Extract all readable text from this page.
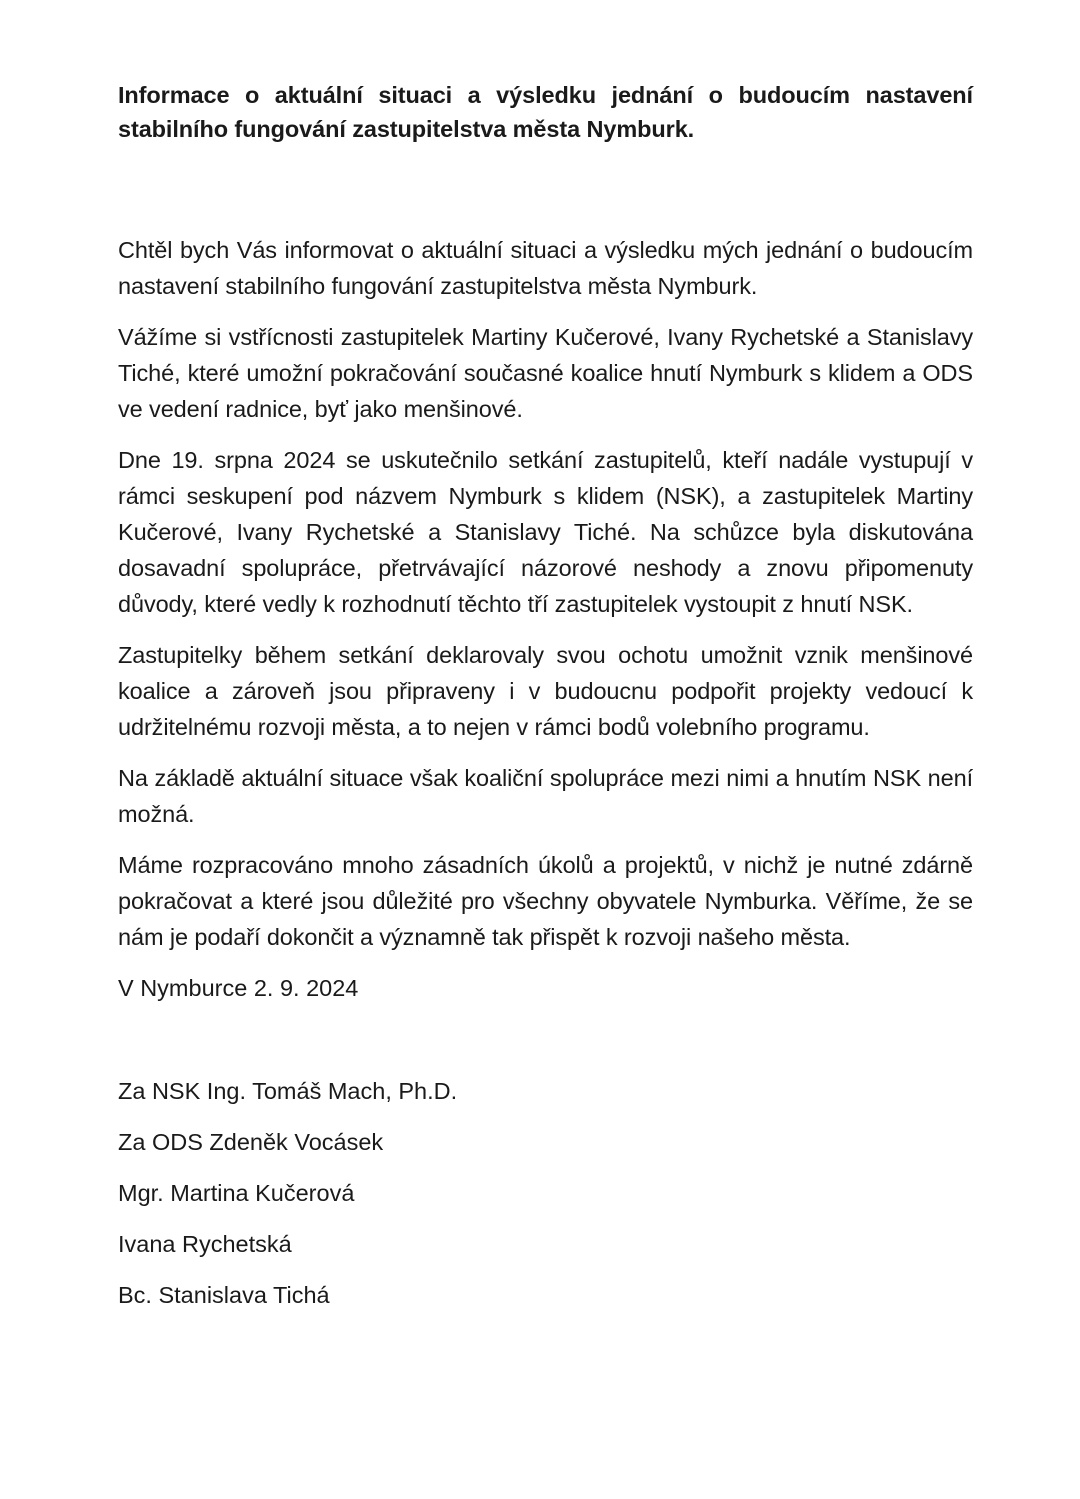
Informace o aktuální situaci a výsledku jednání o budoucím nastavení stabilního fungování zastupitelstva města Nymburk.

Chtěl bych Vás informovat o aktuální situaci a výsledku mých jednání o budoucím nastavení stabilního fungování zastupitelstva města Nymburk.

Vážíme si vstřícnosti zastupitelek Martiny Kučerové, Ivany Rychetské a Stanislavy Tiché, které umožní pokračování současné koalice hnutí Nymburk s klidem a ODS ve vedení radnice, byť jako menšinové.

Dne 19. srpna 2024 se uskutečnilo setkání zastupitelů, kteří nadále vystupují v rámci seskupení pod názvem Nymburk s klidem (NSK), a zastupitelek Martiny Kučerové, Ivany Rychetské a Stanislavy Tiché. Na schůzce byla diskutována dosavadní spolupráce, přetrvávající názorové neshody a znovu připomenuty důvody, které vedly k rozhodnutí těchto tří zastupitelek vystoupit z hnutí NSK.

Zastupitelky během setkání deklarovaly svou ochotu umožnit vznik menšinové koalice a zároveň jsou připraveny i v budoucnu podpořit projekty vedoucí k udržitelnému rozvoji města, a to nejen v rámci bodů volebního programu.

Na základě aktuální situace však koaliční spolupráce mezi nimi a hnutím NSK není možná.

Máme rozpracováno mnoho zásadních úkolů a projektů, v nichž je nutné zdárně pokračovat a které jsou důležité pro všechny obyvatele Nymburka. Věříme, že se nám je podaří dokončit a významně tak přispět k rozvoji našeho města.

V Nymburce 2. 9. 2024

Za NSK Ing. Tomáš Mach, Ph.D.

Za ODS Zdeněk Vocásek

Mgr. Martina Kučerová

Ivana Rychetská

Bc. Stanislava Tichá
